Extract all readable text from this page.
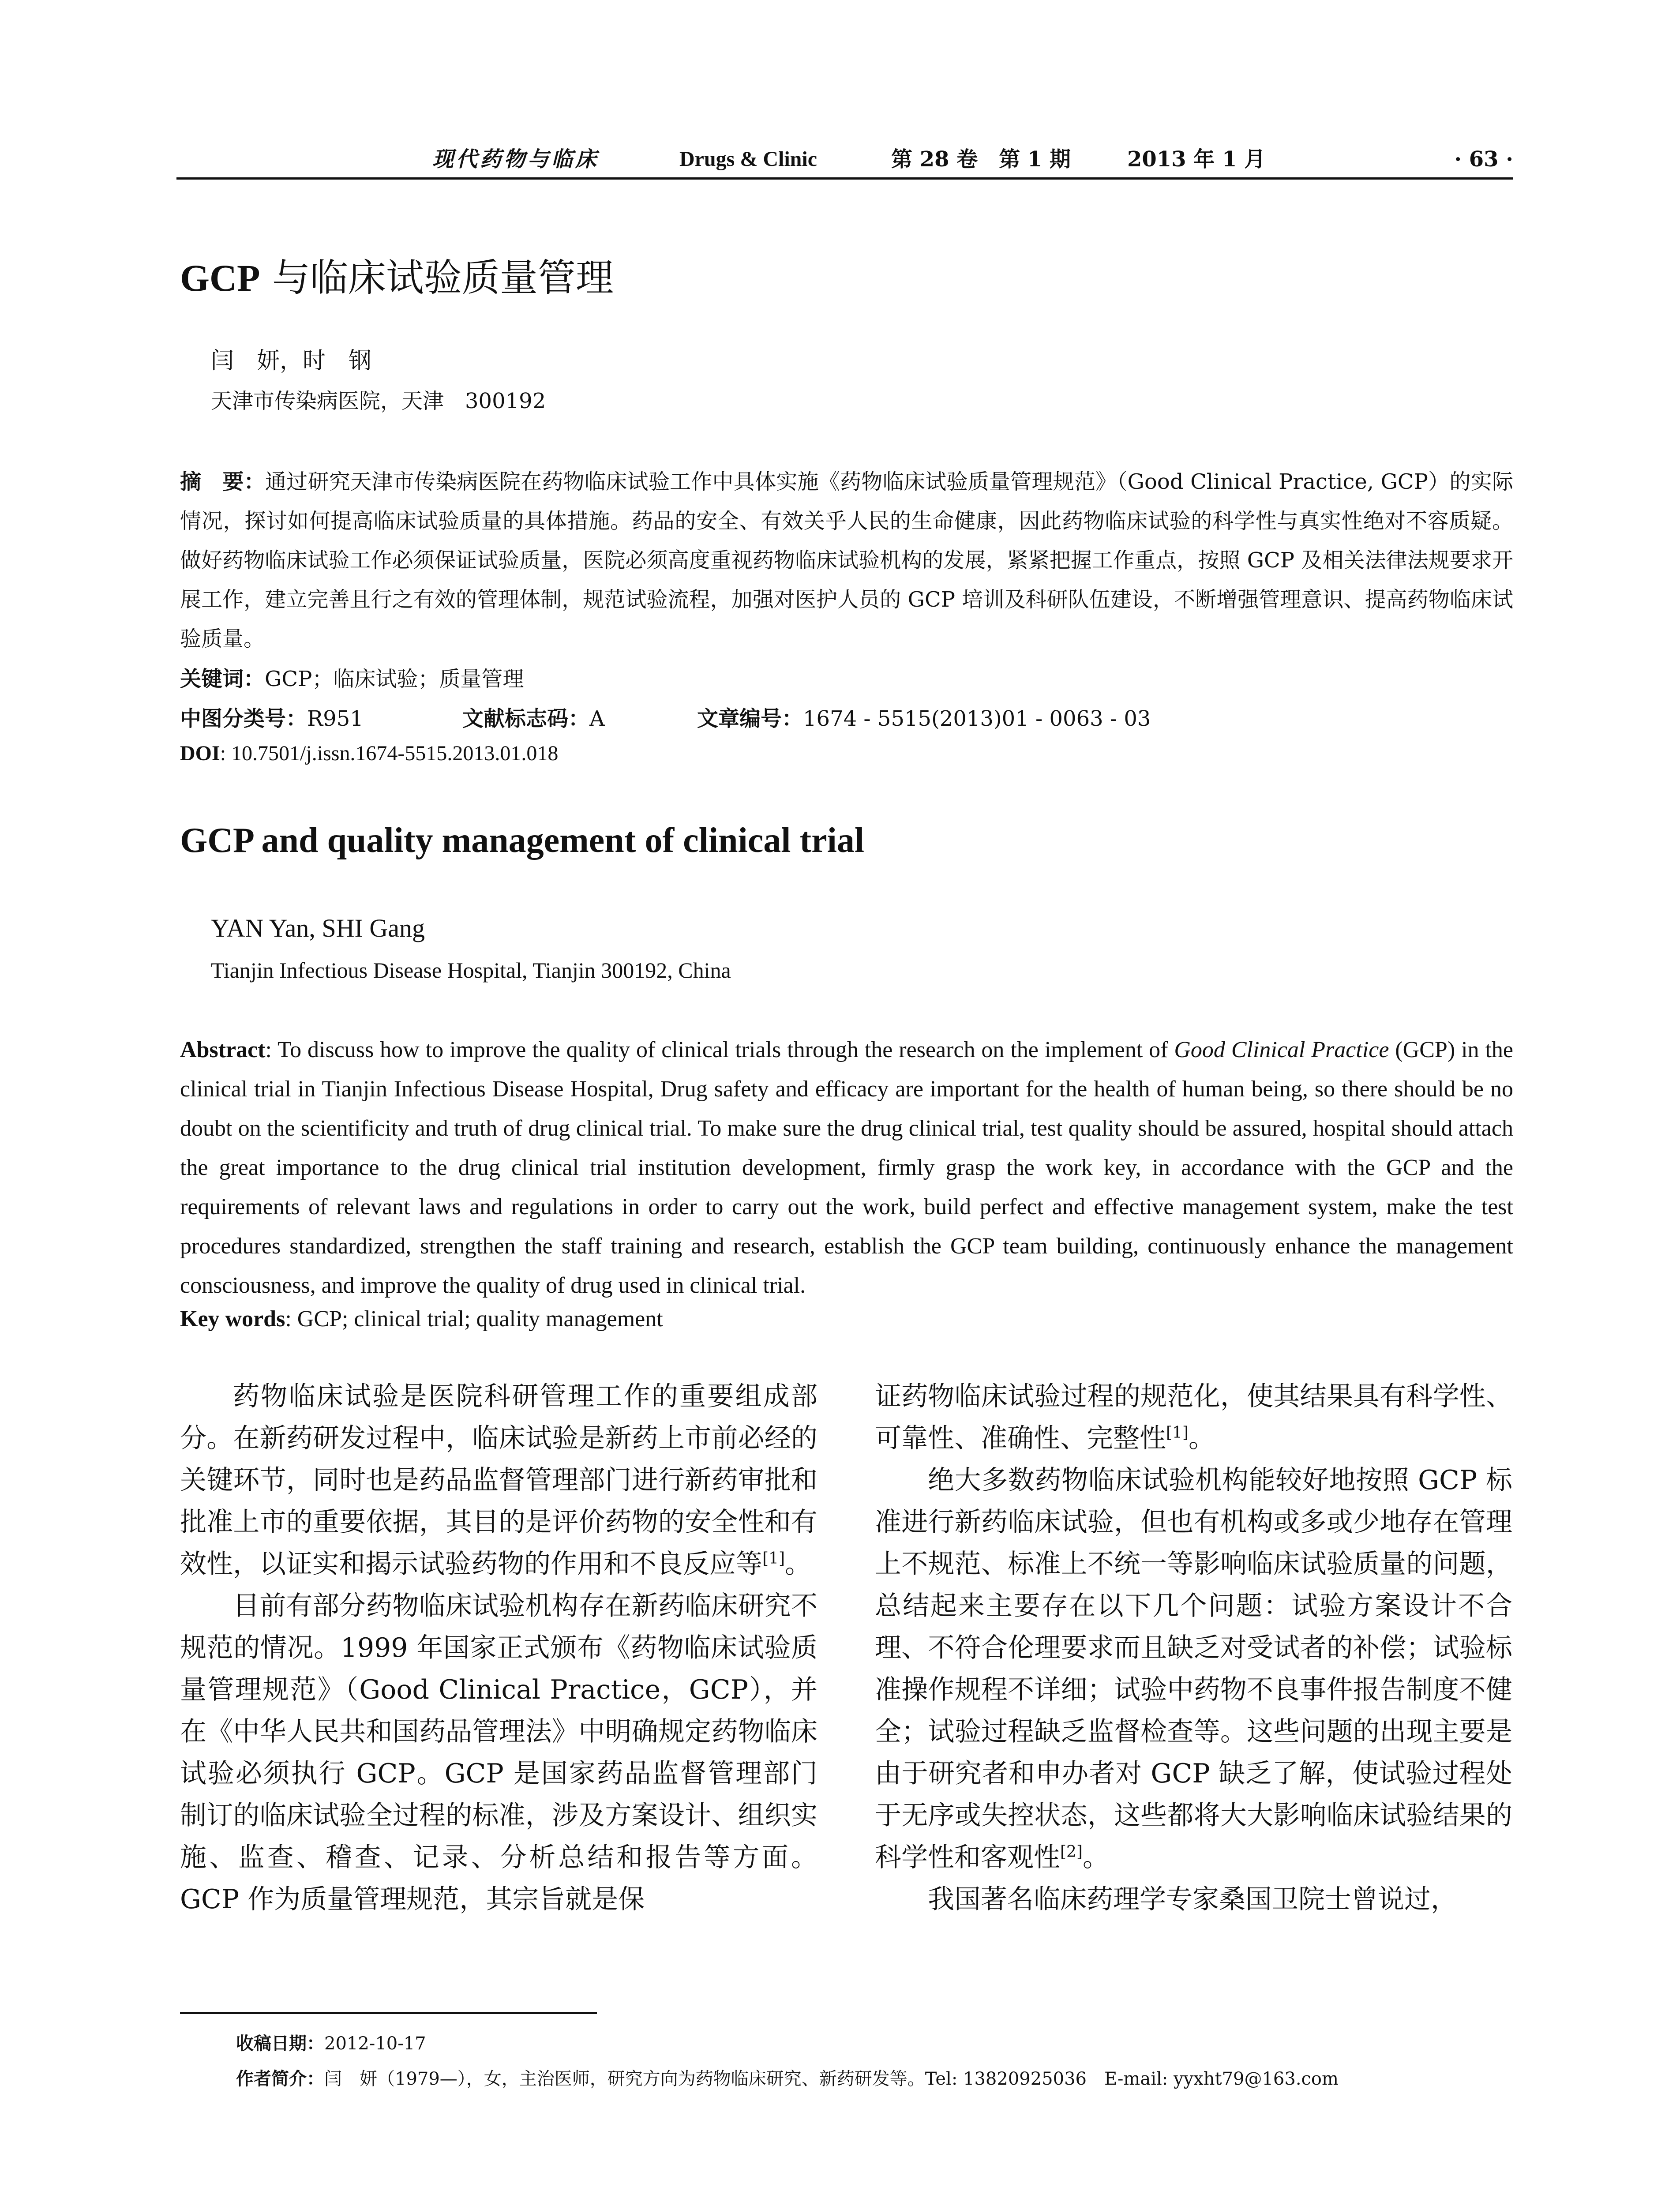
现代药物与临床	Drugs & Clinic	第 28 卷　第 1 期	2013 年 1 月	· 63 ·
GCP 与临床试验质量管理
闫　妍，时　钢
天津市传染病医院，天津　300192
摘　要：通过研究天津市传染病医院在药物临床试验工作中具体实施《药物临床试验质量管理规范》（Good Clinical Practice, GCP）的实际情况，探讨如何提高临床试验质量的具体措施。药品的安全、有效关乎人民的生命健康，因此药物临床试验的科学性与真实性绝对不容质疑。做好药物临床试验工作必须保证试验质量，医院必须高度重视药物临床试验机构的发展，紧紧把握工作重点，按照 GCP 及相关法律法规要求开展工作，建立完善且行之有效的管理体制，规范试验流程，加强对医护人员的 GCP 培训及科研队伍建设，不断增强管理意识、提高药物临床试验质量。
关键词：GCP；临床试验；质量管理
中图分类号：R951	文献标志码：A	文章编号：1674 - 5515(2013)01 - 0063 - 03
DOI: 10.7501/j.issn.1674-5515.2013.01.018
GCP and quality management of clinical trial
YAN Yan, SHI Gang
Tianjin Infectious Disease Hospital, Tianjin 300192, China
Abstract: To discuss how to improve the quality of clinical trials through the research on the implement of Good Clinical Practice (GCP) in the clinical trial in Tianjin Infectious Disease Hospital, Drug safety and efficacy are important for the health of human being, so there should be no doubt on the scientificity and truth of drug clinical trial. To make sure the drug clinical trial, test quality should be assured, hospital should attach the great importance to the drug clinical trial institution development, firmly grasp the work key, in accordance with the GCP and the requirements of relevant laws and regulations in order to carry out the work, build perfect and effective management system, make the test procedures standardized, strengthen the staff training and research, establish the GCP team building, continuously enhance the management consciousness, and improve the quality of drug used in clinical trial.
Key words: GCP; clinical trial; quality management

药物临床试验是医院科研管理工作的重要组成部分。在新药研发过程中，临床试验是新药上市前必经的关键环节，同时也是药品监督管理部门进行新药审批和批准上市的重要依据，其目的是评价药物的安全性和有效性，以证实和揭示试验药物的作用和不良反应等[1]。

目前有部分药物临床试验机构存在新药临床研究不规范的情况。1999 年国家正式颁布《药物临床试验质量管理规范》（Good Clinical Practice，GCP），并在《中华人民共和国药品管理法》中明确规定药物临床试验必须执行 GCP。GCP 是国家药品监督管理部门制订的临床试验全过程的标准，涉及方案设计、组织实施、监查、稽查、记录、分析总结和报告等方面。GCP 作为质量管理规范，其宗旨就是保

证药物临床试验过程的规范化，使其结果具有科学性、可靠性、准确性、完整性[1]。

绝大多数药物临床试验机构能较好地按照 GCP 标准进行新药临床试验，但也有机构或多或少地存在管理上不规范、标准上不统一等影响临床试验质量的问题，总结起来主要存在以下几个问题：试验方案设计不合理、不符合伦理要求而且缺乏对受试者的补偿；试验标准操作规程不详细；试验中药物不良事件报告制度不健全；试验过程缺乏监督检查等。这些问题的出现主要是由于研究者和申办者对 GCP 缺乏了解，使试验过程处于无序或失控状态，这些都将大大影响临床试验结果的科学性和客观性[2]。

我国著名临床药理学专家桑国卫院士曾说过，

收稿日期：2012-10-17
作者简介：闫　妍（1979—），女，主治医师，研究方向为药物临床研究、新药研发等。Tel: 13820925036　E-mail: yyxht79@163.com
